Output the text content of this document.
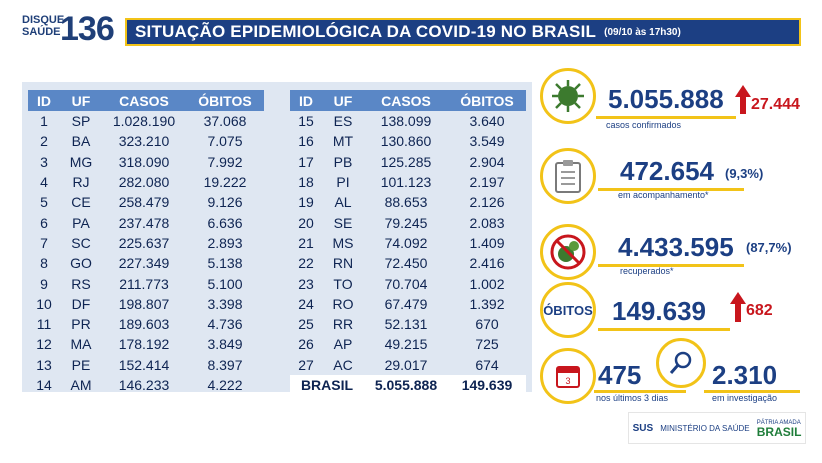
DISQUE
SAÚDE 136 SITUAÇÃO EPIDEMIOLÓGICA DA COVID-19 NO BRASIL (09/10 às 17h30)
ID	UF	CASOS	ÓBITOS
1	SP	1.028.190	37.068
2	BA	323.210	7.075
3	MG	318.090	7.992
4	RJ	282.080	19.222
5	CE	258.479	9.126
6	PA	237.478	6.636
7	SC	225.637	2.893
8	GO	227.349	5.138
9	RS	211.773	5.100
10	DF	198.807	3.398
11	PR	189.603	4.736
12	MA	178.192	3.849
13	PE	152.414	8.397
14	AM	146.233	4.222
ID	UF	CASOS	ÓBITOS
15	ES	138.099	3.640
16	MT	130.860	3.549
17	PB	125.285	2.904
18	PI	101.123	2.197
19	AL	88.653	2.126
20	SE	79.245	2.083
21	MS	74.092	1.409
22	RN	72.450	2.416
23	TO	70.704	1.002
24	RO	67.479	1.392
25	RR	52.131	670
26	AP	49.215	725
27	AC	29.017	674
BRASIL		5.055.888	149.639
5.055.888 27.444
casos confirmados
472.654 (9,3%)
em acompanhamento*
4.433.595 (87,7%)
recuperados*
ÓBITOS 149.639	682
3 475
nos últimos 3 dias
2.310
em investigação
SUS MINISTÉRIO DA SAÚDE
PÁTRIA AMADA
BRASIL
